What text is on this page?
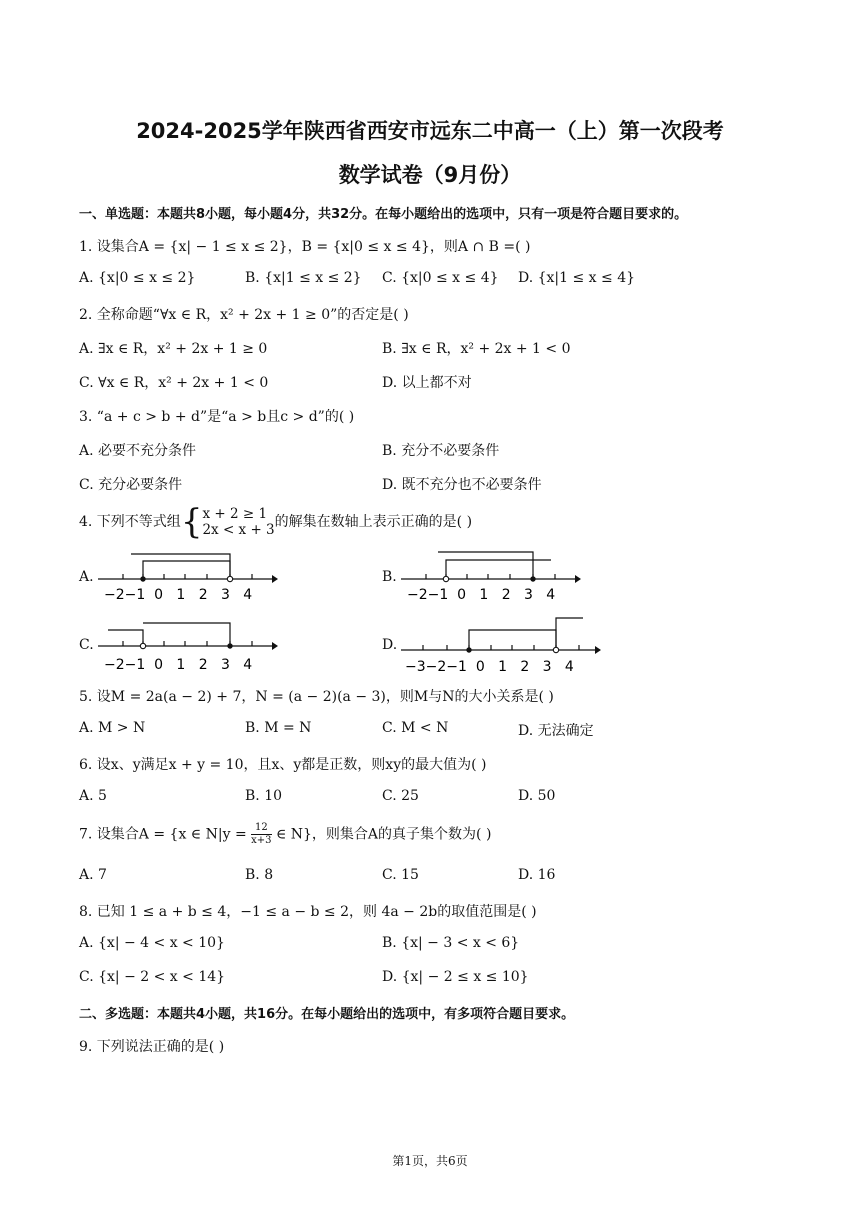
2024-2025学年陕西省西安市远东二中高一（上）第一次段考
数学试卷（9月份）
一、单选题：本题共8小题，每小题4分，共32分。在每小题给出的选项中，只有一项是符合题目要求的。
1. 设集合A = {x| − 1 ≤ x ≤ 2}，B = {x|0 ≤ x ≤ 4}，则A ∩ B =( )
A. {x|0 ≤ x ≤ 2}	B. {x|1 ≤ x ≤ 2} C. {x|0 ≤ x ≤ 4} D. {x|1 ≤ x ≤ 4}
2. 全称命题“∀x ∈ R，x² + 2x + 1 ≥ 0”的否定是( )
A. ∃x ∈ R，x² + 2x + 1 ≥ 0	B. ∃x ∈ R，x² + 2x + 1 < 0
C. ∀x ∈ R，x² + 2x + 1 < 0	D. 以上都不对
3. “a + c > b + d”是“a > b且c > d”的( )
A. 必要不充分条件	B. 充分不必要条件
C. 充分必要条件	D. 既不充分也不必要条件
4. 下列不等式组{ x + 2 ≥ 1
2x < x + 3 的解集在数轴上表示正确的是( )
A.	B.
C.	D.
−2−1  0   1   2   3   4	−2−1  0   1   2   3   4
−2−1  0   1   2   3   4	−3−2−1  0   1   2   3   4
5. 设M = 2a(a − 2) + 7，N = (a − 2)(a − 3)，则M与N的大小关系是( )
A. M > N	B. M = N	C. M < N	D. 无法确定
6. 设x、y满足x + y = 10，且x、y都是正数，则xy的最大值为( )
A. 5	B. 10	C. 25	D. 50
7. 设集合A = {x ∈ $N|y = \frac{12}{x+3}$ ∈ N}，则集合A的真子集个数为( )
A. 7	B. 8	C. 15	D. 16
8. 已知 1 ≤ a + b ≤ 4，−1 ≤ a − b ≤ 2，则 4a − 2b的取值范围是( )
A. {x| − 4 < x < 10}	B. {x| − 3 < x < 6}
C. {x| − 2 < x < 14}	D. {x| − 2 ≤ x ≤ 10}
二、多选题：本题共4小题，共16分。在每小题给出的选项中，有多项符合题目要求。
9. 下列说法正确的是( )
第1页，共6页
